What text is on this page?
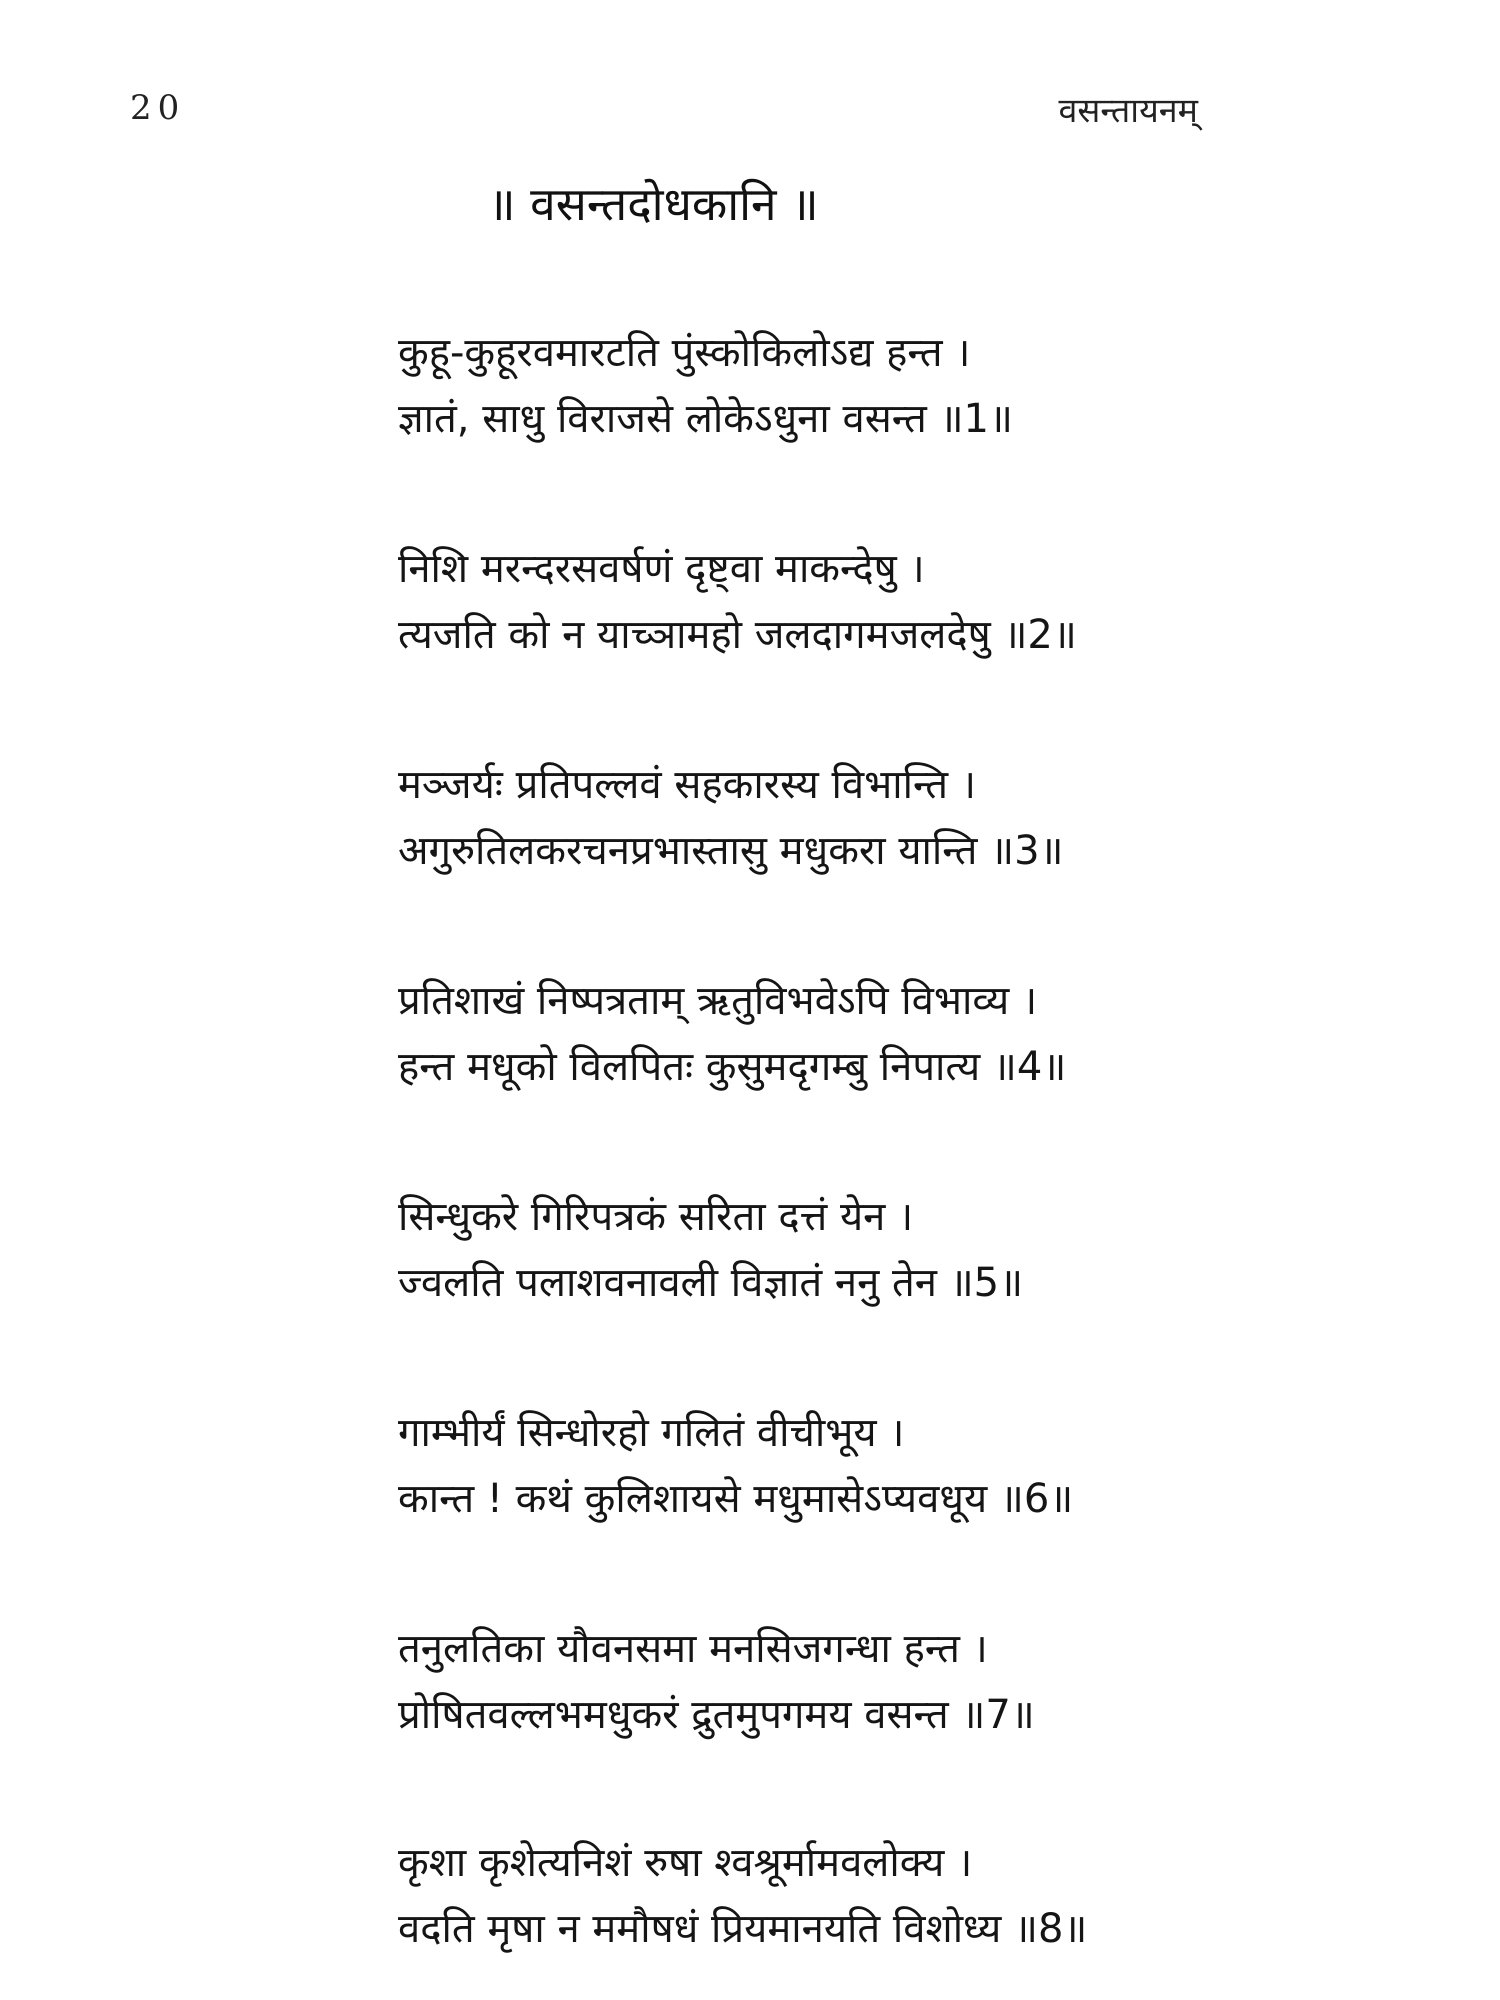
20	वसन्तायनम्
॥ वसन्तदोधकानि ॥
कुहू-कुहूरवमारटति पुंस्कोकिलोऽद्य हन्त ।
ज्ञातं, साधु विराजसे लोकेऽधुना वसन्त ॥1॥
निशि मरन्दरसवर्षणं दृष्ट्वा माकन्देषु ।
त्यजति को न याच्ञामहो जलदागमजलदेषु ॥2॥
मञ्जर्यः प्रतिपल्लवं सहकारस्य विभान्ति ।
अगुरुतिलकरचनप्रभास्तासु मधुकरा यान्ति ॥3॥
प्रतिशाखं निष्पत्रताम् ऋतुविभवेऽपि विभाव्य ।
हन्त मधूको विलपितः कुसुमदृगम्बु निपात्य ॥4॥
सिन्धुकरे गिरिपत्रकं सरिता दत्तं येन ।
ज्वलति पलाशवनावली विज्ञातं ननु तेन ॥5॥
गाम्भीर्यं सिन्धोरहो गलितं वीचीभूय ।
कान्त ! कथं कुलिशायसे मधुमासेऽप्यवधूय ॥6॥
तनुलतिका यौवनसमा मनसिजगन्धा हन्त ।
प्रोषितवल्लभमधुकरं द्रुतमुपगमय वसन्त ॥7॥
कृशा कृशेत्यनिशं रुषा श्वश्रूर्मामवलोक्य ।
वदति मृषा न ममौषधं प्रियमानयति विशोध्य ॥8॥
